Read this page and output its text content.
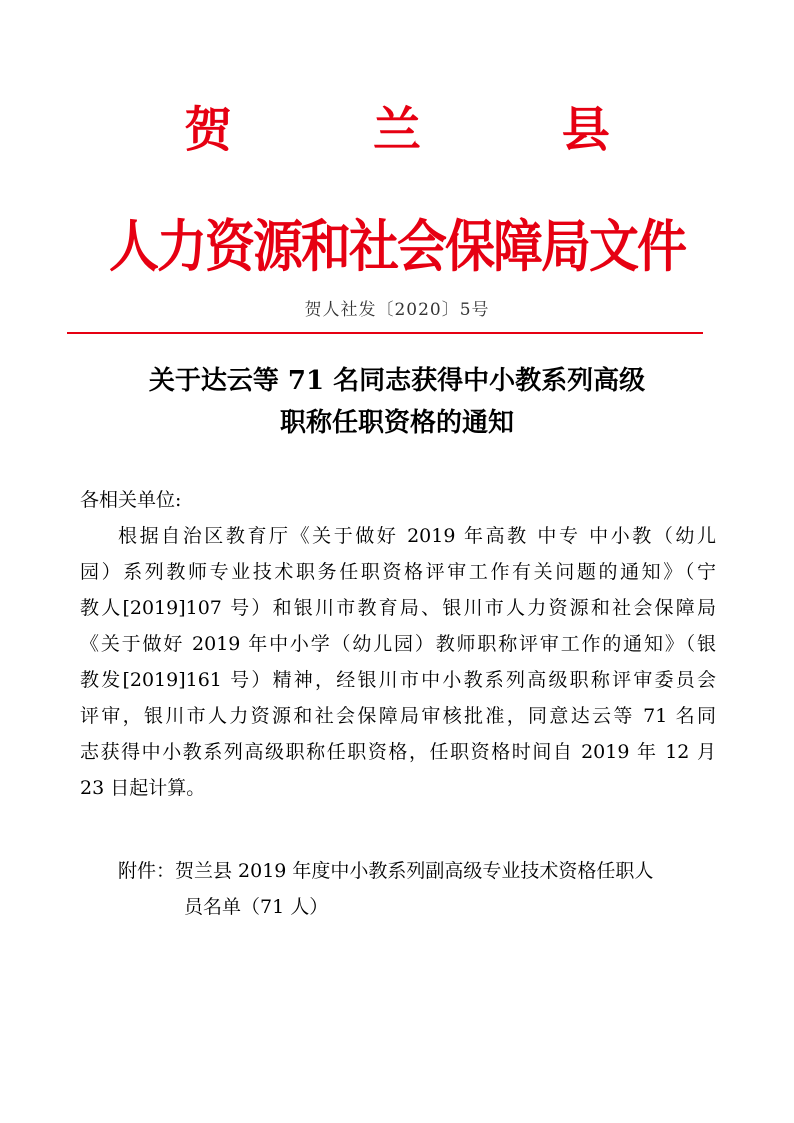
贺 兰 县
人力资源和社会保障局文件
贺人社发〔2020〕5号
关于达云等 71 名同志获得中小教系列高级
职称任职资格的通知
各相关单位:
根据自治区教育厅《关于做好 2019 年高教 中专 中小教（幼儿
园）系列教师专业技术职务任职资格评审工作有关问题的通知》（宁
教人[2019]107 号）和银川市教育局、银川市人力资源和社会保障局
《关于做好 2019 年中小学（幼儿园）教师职称评审工作的通知》（银
教发[2019]161 号）精神，经银川市中小教系列高级职称评审委员会
评审，银川市人力资源和社会保障局审核批准，同意达云等 71 名同
志获得中小教系列高级职称任职资格，任职资格时间自 2019 年 12 月
23 日起计算。
附件：贺兰县 2019 年度中小教系列副高级专业技术资格任职人
员名单（71 人）
